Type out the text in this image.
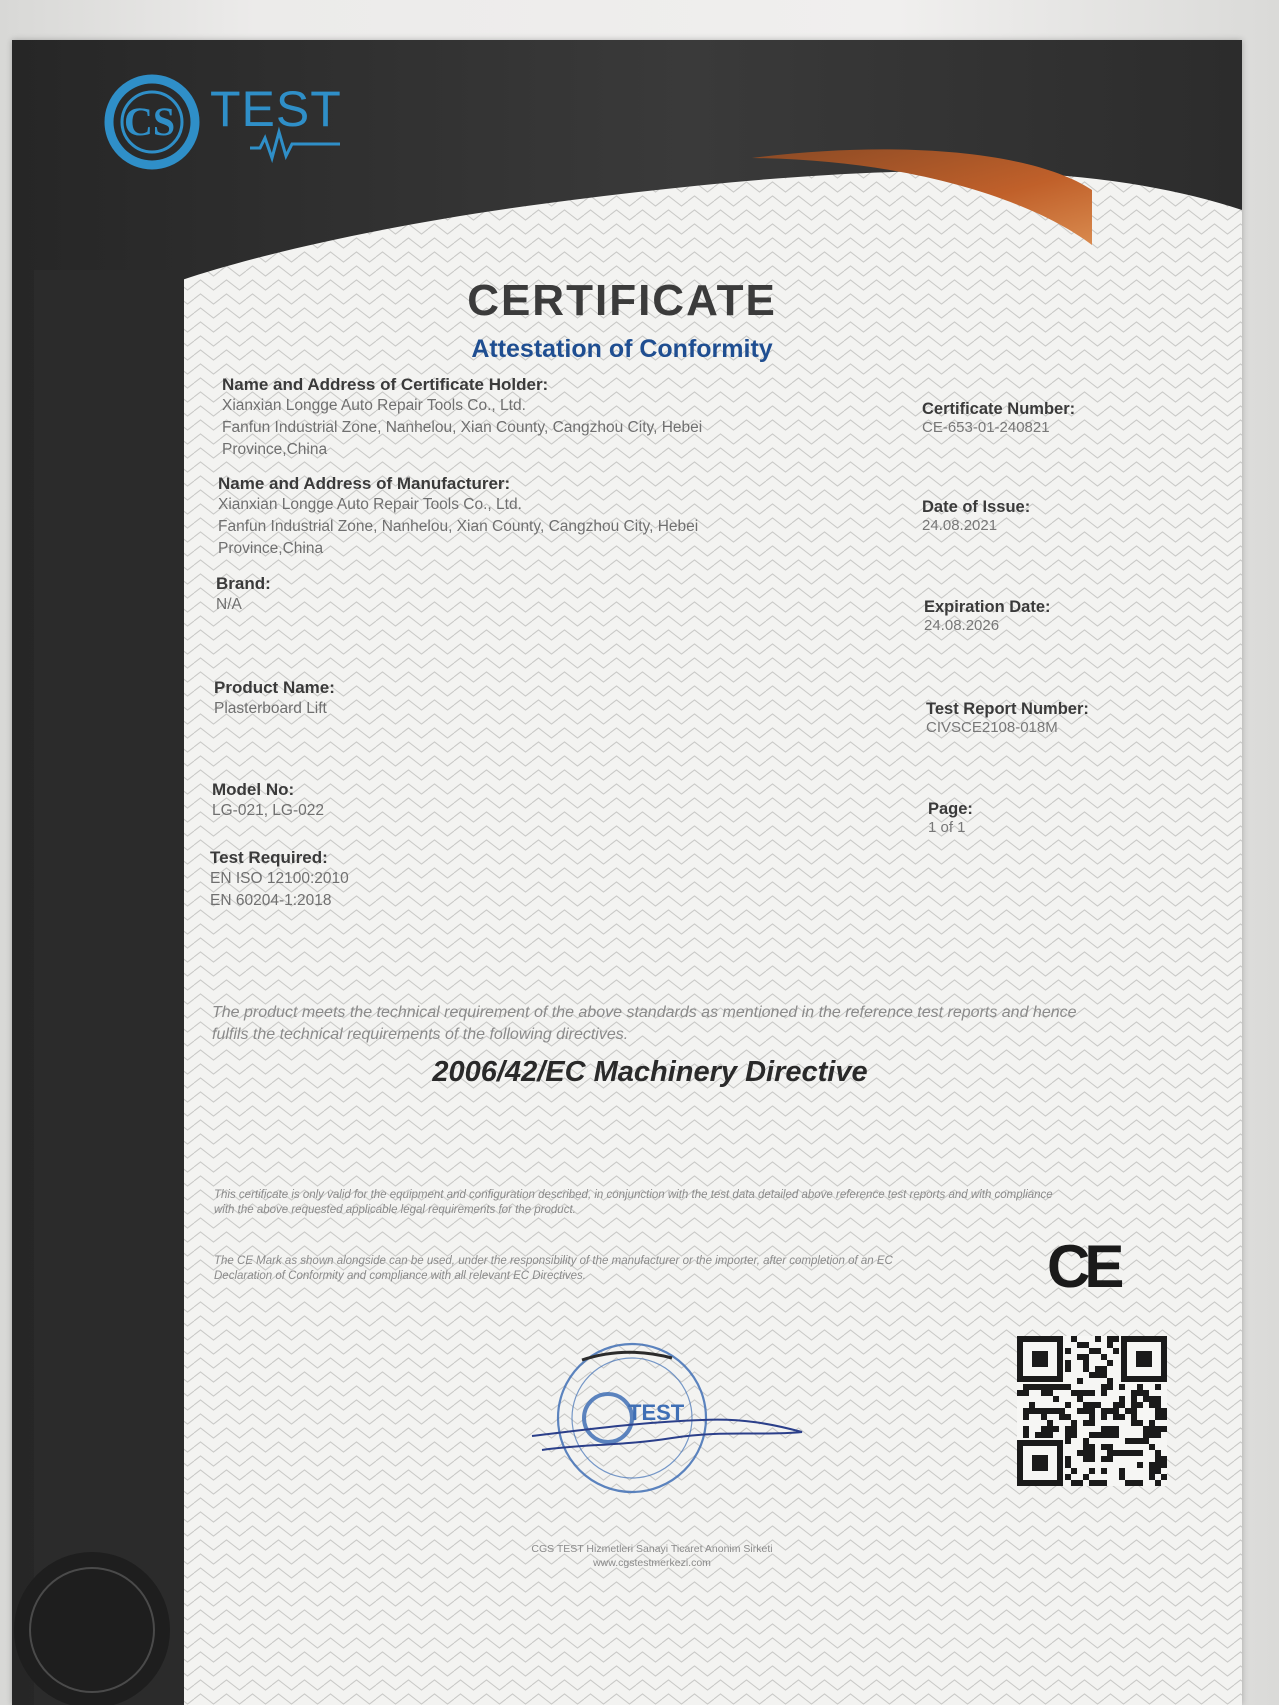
CS TEST
CERTIFICATE
Attestation of Conformity
Name and Address of Certificate Holder:
Xianxian Longge Auto Repair Tools Co., Ltd.
Fanfun Industrial Zone, Nanhelou, Xian County, Cangzhou City, Hebei
Province,China
Name and Address of Manufacturer:
Xianxian Longge Auto Repair Tools Co., Ltd.
Fanfun Industrial Zone, Nanhelou, Xian County, Cangzhou City, Hebei
Province,China
Brand:
N/A
Product Name:
Plasterboard Lift
Model No:
LG-021, LG-022
Test Required:
EN ISO 12100:2010
EN 60204-1:2018
Certificate Number:
CE-653-01-240821
Date of Issue:
24.08.2021
Expiration Date:
24.08.2026
Test Report Number:
CIVSCE2108-018M
Page:
1 of 1
The product meets the technical requirement of the above standards as mentioned in the reference test reports and hence fulfils the technical requirements of the following directives.
2006/42/EC Machinery Directive
This certificate is only valid for the equipment and configuration described, in conjunction with the test data detailed above reference test reports and with compliance with the above requested applicable legal requirements for the product.
The CE Mark as shown alongside can be used, under the responsibility of the manufacturer or the importer, after completion of an EC Declaration of Conformity and compliance with all relevant EC Directives.	CE
TEST
CGS TEST Hizmetleri Sanayi Ticaret Anonim Sirketi
www.cgstestmerkezi.com
